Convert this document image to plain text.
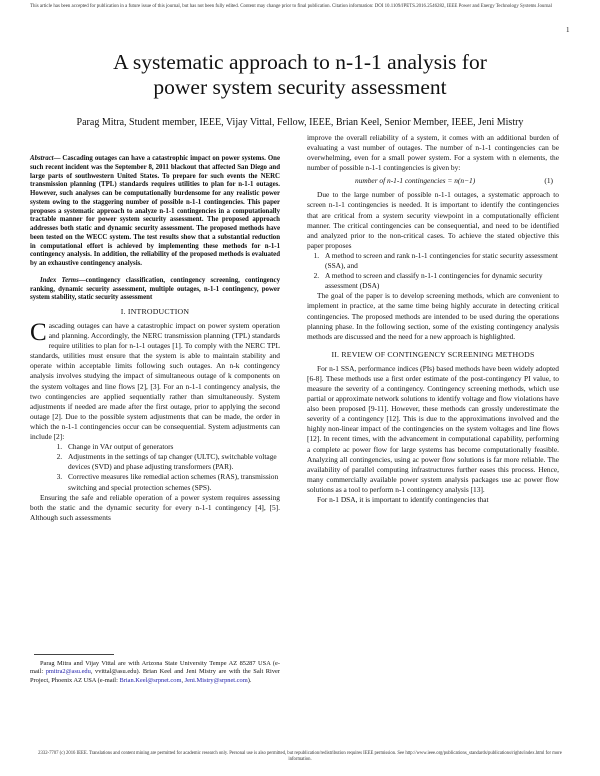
This article has been accepted for publication in a future issue of this journal, but has not been fully edited. Content may change prior to final publication. Citation information: DOI 10.1109/JPETS.2016.2546282, IEEE Power and Energy Technology Systems Journal
1
A systematic approach to n-1-1 analysis for
power system security assessment
Parag Mitra, Student member, IEEE, Vijay Vittal, Fellow, IEEE, Brian Keel, Senior Member, IEEE, Jeni Mistry

Abstract— Cascading outages can have a catastrophic impact on power systems. One such recent incident was the September 8, 2011 blackout that affected San Diego and large parts of southwestern United States. To prepare for such events the NERC transmission planning (TPL) standards requires utilities to plan for n-1-1 outages. However, such analyses can be computationally burdensome for any realistic power system owing to the staggering number of possible n-1-1 contingencies. This paper proposes a systematic approach to analyze n-1-1 contingencies in a computationally tractable manner for power system security assessment. The proposed approach addresses both static and dynamic security assessment. The proposed methods have been tested on the WECC system. The test results show that a substantial reduction in computational effort is achieved by implementing these methods for n-1-1 contingency analysis. In addition, the reliability of the proposed methods is evaluated by an exhaustive contingency analysis.

Index Terms—contingency classification, contingency screening, contingency ranking, dynamic security assessment, multiple outages, n-1-1 contingency, power system stability, static security assessment

I. INTRODUCTION

Cascading outages can have a catastrophic impact on power system operation and planning. Accordingly, the NERC transmission planning (TPL) standards require utilities to plan for n-1-1 outages [1]. To comply with the NERC TPL standards, utilities must ensure that the system is able to maintain stability and operate within acceptable limits following such outages. An n-k contingency analysis involves studying the impact of simultaneous outage of k components on the system voltages and line flows [2], [3]. For an n-1-1 contingency analysis, the two contingencies are applied sequentially rather than simultaneously. System adjustments if needed are made after the first outage, prior to applying the second outage [2]. Due to the possible system adjustments that can be made, the order in which the n-1-1 contingencies occur can be consequential. System adjustments can include [2]:

1. Change in VAr output of generators
2. Adjustments in the settings of tap changer (ULTC), switchable voltage devices (SVD) and phase adjusting transformers (PAR).
3. Corrective measures like remedial action schemes (RAS), transmission switching and special protection schemes (SPS).

Ensuring the safe and reliable operation of a power system requires assessing both the static and the dynamic security for every n-1-1 contingency [4], [5]. Although such assessments

improve the overall reliability of a system, it comes with an additional burden of evaluating a vast number of outages. The number of n-1-1 contingencies can be overwhelming, even for a small power system. For a system with n elements, the number of possible n-1-1 contingencies is given by:

number of n-1-1 contingencies = n(n−1)	(1)

Due to the large number of possible n-1-1 outages, a systematic approach to screen n-1-1 contingencies is needed. It is important to identify the contingencies that are critical from a system security viewpoint in a computationally efficient manner. The critical contingencies can be consequential, and need to be identified and analyzed prior to the non-critical cases. To achieve the stated objective this paper proposes

1. A method to screen and rank n-1-1 contingencies for static security assessment (SSA), and
2. A method to screen and classify n-1-1 contingencies for dynamic security assessment (DSA)

The goal of the paper is to develop screening methods, which are convenient to implement in practice, at the same time being highly accurate in detecting critical contingencies. The proposed methods are intended to be used during the operations planning phase. In the following section, some of the existing contingency analysis methods are discussed and the need for a new approach is highlighted.

II. REVIEW OF CONTINGENCY SCREENING METHODS

For n-1 SSA, performance indices (PIs) based methods have been widely adopted [6-8]. These methods use a first order estimate of the post-contingency PI value, to measure the severity of a contingency. Contingency screening methods, which use partial or approximate network solutions to identify voltage and flow violations have also been proposed [9-11]. However, these methods can grossly underestimate the severity of a contingency [12]. This is due to the approximations involved and the highly non-linear impact of the contingencies on the system voltages and line flows [12]. In recent times, with the advancement in computational capability, performing a complete ac power flow for large systems has become computationally feasible. Analyzing all contingencies, using ac power flow solutions is far more reliable. The availability of parallel computing infrastructures further eases this process. Hence, many commercially available power system analysis packages use ac power flow solutions as a tool to perform n-1 contingency analysis [13].

For n-1 DSA, it is important to identify contingencies that

Parag Mitra and Vijay Vittal are with Arizona State University Tempe AZ 85287 USA (e-mail: pmitra2@asu.edu, vvittal@asu.edu). Brian Keel and Jeni Mistry are with the Salt River Project, Phoenix AZ USA (e-mail: Brian.Keel@srpnet.com, Jeni.Mistry@srpnet.com).

2332-7707 (c) 2016 IEEE. Translations and content mining are permitted for academic research only. Personal use is also permitted, but republication/redistribution requires IEEE permission. See http://www.ieee.org/publications_standards/publications/rights/index.html for more information.
